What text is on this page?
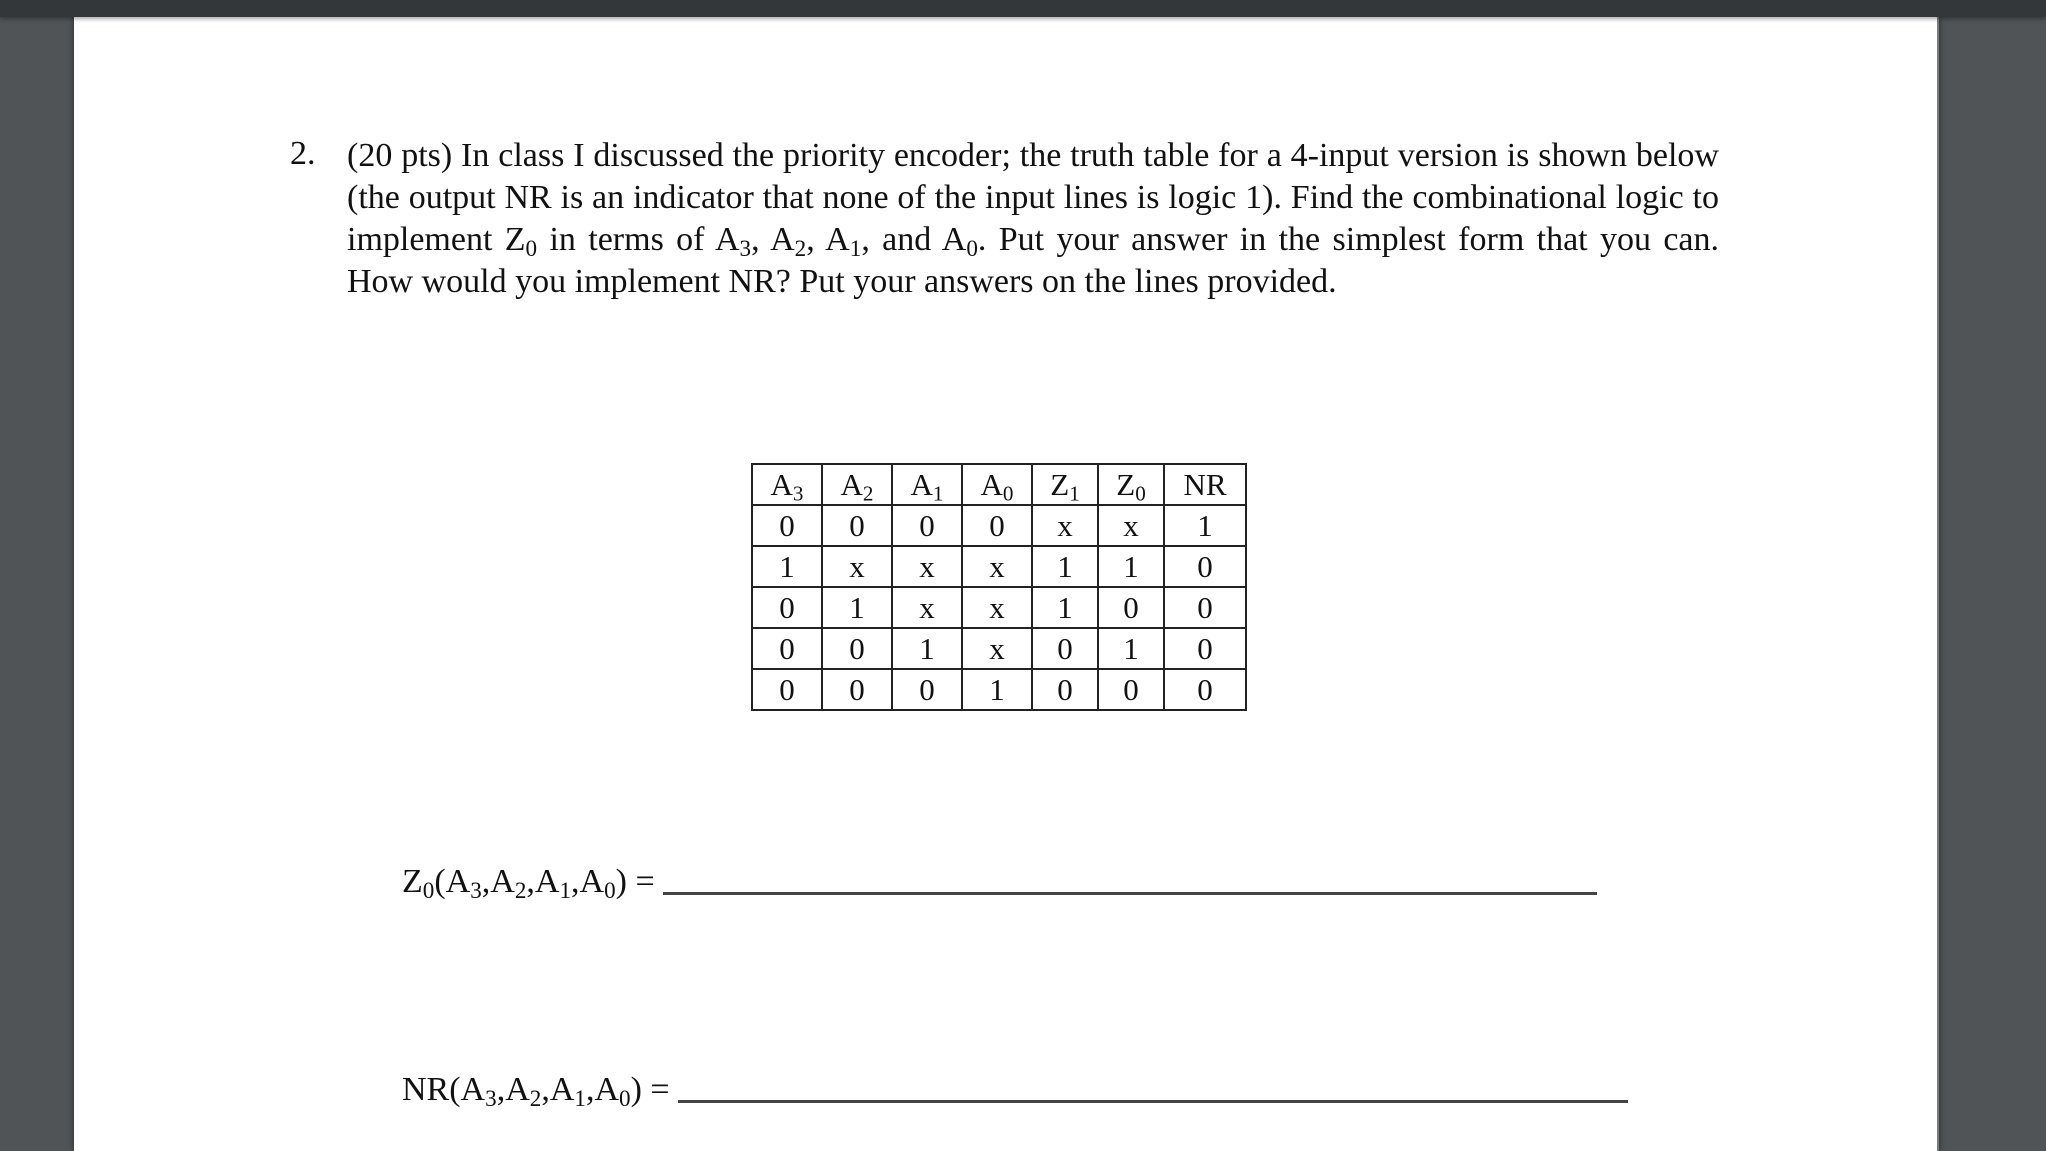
2. (20 pts) In class I discussed the priority encoder; the truth table for a 4-input version is shown below (the output NR is an indicator that none of the input lines is logic 1). Find the combinational logic to implement $Z_0$ in terms of $A_3$, $A_2$, $A_1$, and $A_0$. Put your answer in the simplest form that you can. How would you implement NR? Put your answers on the lines provided.
$A_3$	$A_2$	$A_1$	$A_0$	$Z_1$	$Z_0$	NR
0	0	0	0	x	x	1
1	x	x	x	1	1	0
0	1	x	x	1	0	0
0	0	1	x	0	1	0
0	0	0	1	0	0	0
$Z_0(A_3,A_2,A_1,A_0)$ =
$NR(A_3,A_2,A_1,A_0)$ =
